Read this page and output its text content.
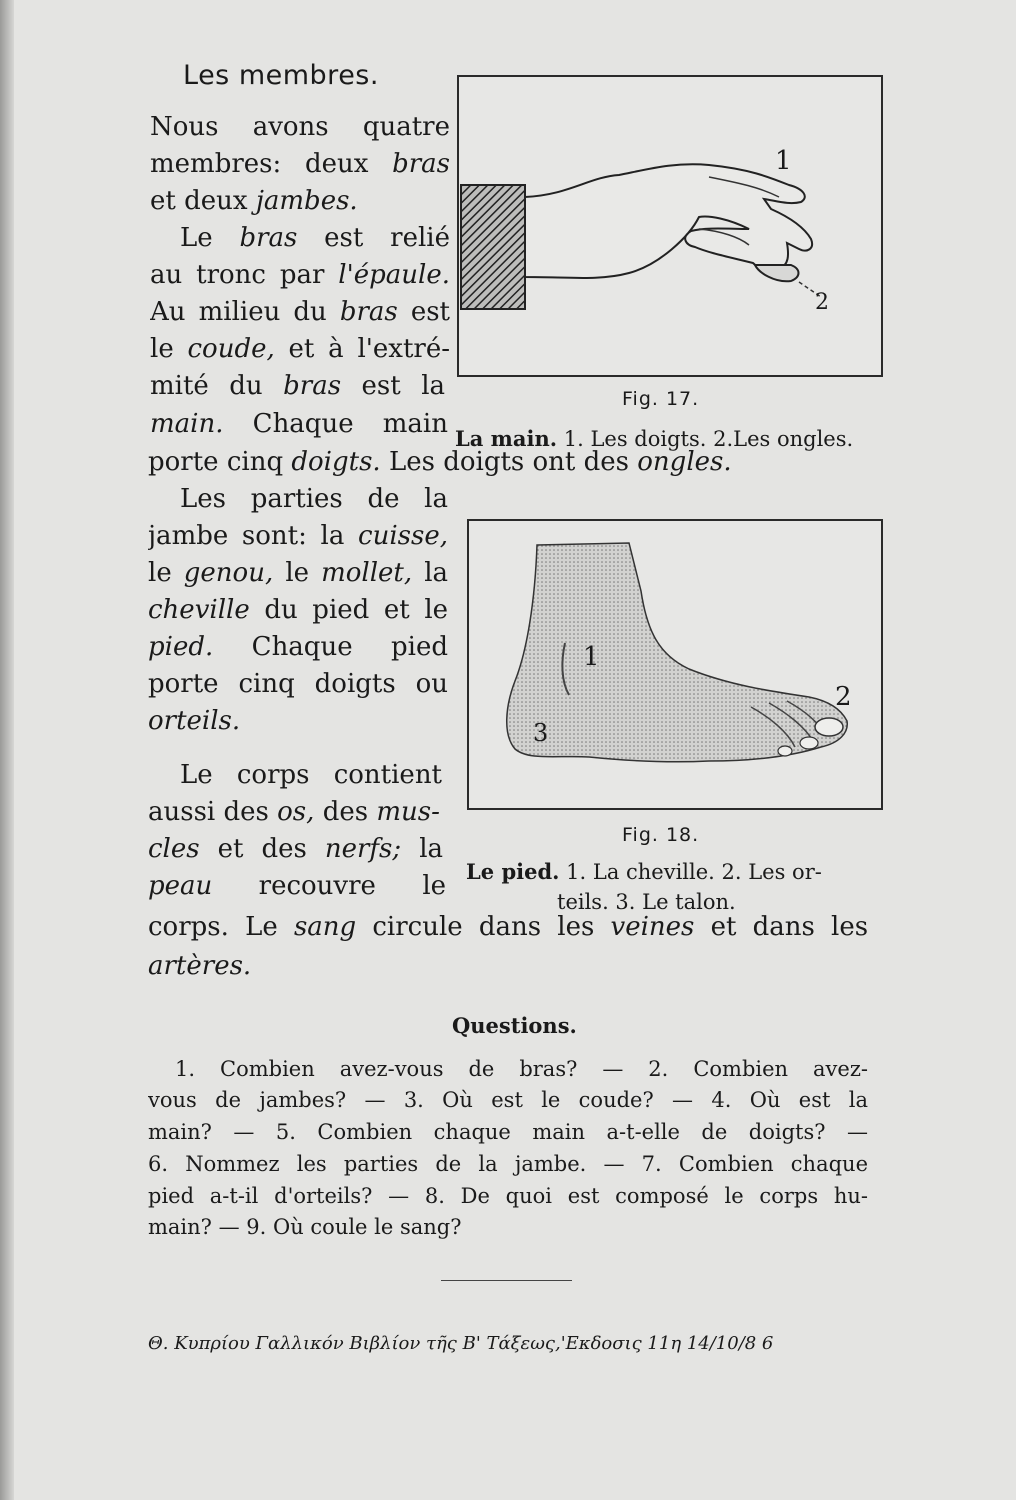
Les membres.
Nous avons quatre
membres: deux bras
et deux jambes.
Le bras est relié
au tronc par l'épaule.
Au milieu du bras est
le coude, et à l'extré-
mité du bras est la
main. Chaque main
porte cinq doigts. Les doigts ont des ongles.
Les parties de la
jambe sont: la cuisse,
le genou, le mollet, la
cheville du pied et le
pied. Chaque pied
porte cinq doigts ou
orteils.
Le corps contient
aussi des os, des mus-
cles et des nerfs; la
peau recouvre le
corps. Le sang circule dans les veines et dans les
artères.
1
2
Fig. 17.
La main. 1. Les doigts. 2.Les ongles.
1
2
3
Fig. 18.
Le pied. 1. La cheville. 2. Les or-
teils. 3. Le talon.
Questions.
1. Combien avez-vous de bras? — 2. Combien avez-
vous de jambes? — 3. Où est le coude? — 4. Où est la
main? — 5. Combien chaque main a-t-elle de doigts? —
6. Nommez les parties de la jambe. — 7. Combien chaque
pied a-t-il d'orteils? — 8. De quoi est composé le corps hu-
main? — 9. Où coule le sang?
Θ. Κυπρίου Γαλλικόν Βιβλίον τῆς Β' Τάξεως,'Εκδοσις 11η 14/10/8 6
